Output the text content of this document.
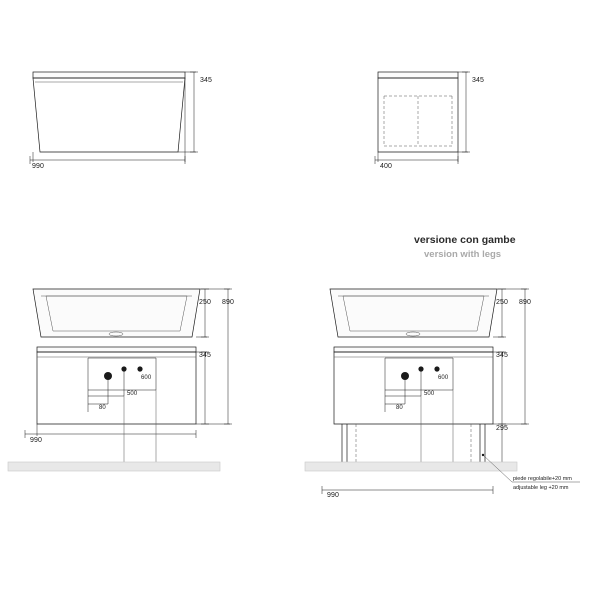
345
990
345
400
versione con gambe
version with legs
250 890
345
80
500
600
990
250 890
345
295
80
500
600
990
piede regolabile+20 mm
adjustable leg +20 mm
